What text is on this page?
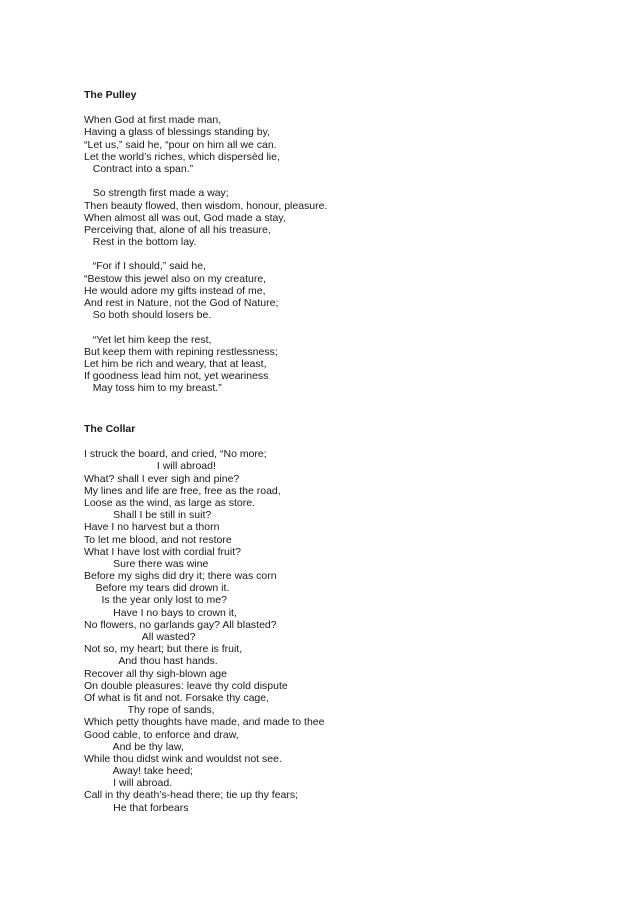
The Pulley
When God at first made man,
Having a glass of blessings standing by,
“Let us,” said he, “pour on him all we can.
Let the world’s riches, which dispersèd lie,
Contract into a span.”
So strength first made a way;
Then beauty flowed, then wisdom, honour, pleasure.
When almost all was out, God made a stay,
Perceiving that, alone of all his treasure,
Rest in the bottom lay.
“For if I should,” said he,
“Bestow this jewel also on my creature,
He would adore my gifts instead of me,
And rest in Nature, not the God of Nature;
So both should losers be.
“Yet let him keep the rest,
But keep them with repining restlessness;
Let him be rich and weary, that at least,
If goodness lead him not, yet weariness
May toss him to my breast.”
The Collar
I struck the board, and cried, “No more;
I will abroad!
What? shall I ever sigh and pine?
My lines and life are free, free as the road,
Loose as the wind, as large as store.
Shall I be still in suit?
Have I no harvest but a thorn
To let me blood, and not restore
What I have lost with cordial fruit?
Sure there was wine
Before my sighs did dry it; there was corn
Before my tears did drown it.
Is the year only lost to me?
Have I no bays to crown it,
No flowers, no garlands gay? All blasted?
All wasted?
Not so, my heart; but there is fruit,
And thou hast hands.
Recover all thy sigh-blown age
On double pleasures: leave thy cold dispute
Of what is fit and not. Forsake thy cage,
Thy rope of sands,
Which petty thoughts have made, and made to thee
Good cable, to enforce and draw,
And be thy law,
While thou didst wink and wouldst not see.
Away! take heed;
I will abroad.
Call in thy death’s-head there; tie up thy fears;
He that forbears
